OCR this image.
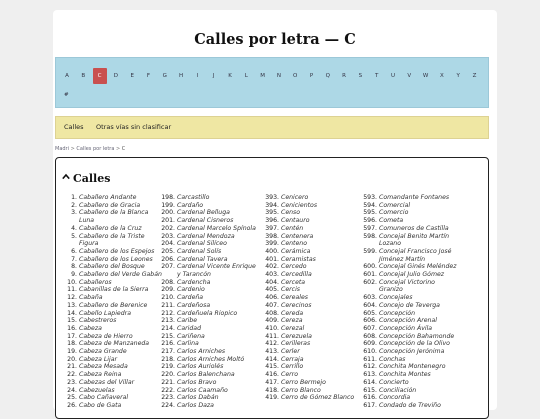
Calles por letra — C
A	B	C	D	E	F	G	H	I	J	K	L	M	N	O	P	Q	R	S	T	U	V	W	X	Y	Z
#
Calles Otras vías sin clasificar
Madri > Calles por letra > C
Calles
1. Caballero Andante
2. Caballero de Gracia
3. Caballero de la Blanca
Luna
4. Caballero de la Cruz
5. Caballero de la Triste
Figura
6. Caballero de los Espejos
7. Caballero de los Leones
8. Caballero del Bosque
9. Caballero del Verde Gabán
10. Caballeros
11. Cabanillas de la Sierra
12. Cabaña
13. Caballero de Berenice
14. Cabello Lapiedra
15. Cabestreros
16. Cabeza
17. Cabeza de Hierro
18. Cabeza de Manzaneda
19. Cabeza Grande
20. Cabeza Lijar
21. Cabeza Mesada
22. Cabeza Reina
23. Cabezas del Villar
24. Cabezuelas
25. Cabo Cañaveral
26. Cabo de Gata
198. Carcastillo
199. Cardaño
200. Cardenal Belluga
201. Cardenal Cisneros
202. Cardenal Marcelo Spínola
203. Cardenal Mendoza
204. Cardenal Silíceo
205. Cardenal Solís
206. Cardenal Tavera
207. Cardenal Vicente Enrique
y Tarancón
208. Cardencha
209. Cardenio
210. Cardeña
211. Cardeñosa
212. Cardeñuela Riopico
213. Caribe
214. Caridad
215. Cariñena
216. Carlina
217. Carlos Arniches
218. Carlos Arniches Moltó
219. Carlos Auriolés
220. Carlos Balenchana
221. Carlos Bravo
222. Carlos Caamaño
223. Carlos Dabán
224. Carlos Daza
393. Cenicero
394. Cenicientos
395. Censo
396. Centauro
397. Centén
398. Centenera
399. Centeno
400. Cerámica
401. Ceramistas
402. Cercedo
403. Cercedilla
404. Cerceta
405. Cercis
406. Cereales
407. Cerecinos
408. Cereda
409. Cereza
410. Cerezal
411. Cerezuela
412. Cerilleras
413. Cerler
414. Cerraja
415. Cerrillo
416. Cerro
417. Cerro Bermejo
418. Cerro Blanco
419. Cerro de Gómez Blanco
593. Comandante Fontanes
594. Comercial
595. Comercio
596. Cometa
597. Comuneros de Castilla
598. Concejal Benito Martín
Lozano
599. Concejal Francisco José
Jiménez Martín
600. Concejal Ginés Meléndez
601. Concejal Julio Gómez
602. Concejal Victorino
Granizo
603. Concejales
604. Concejo de Teverga
605. Concepción
606. Concepción Arenal
607. Concepción Ávila
608. Concepción Bahamonde
609. Concepción de la Olivo
610. Concepción Jerónima
611. Conchas
612. Conchita Montenegro
613. Conchita Montes
614. Concierto
615. Conciliación
616. Concordia
617. Condado de Treviño
